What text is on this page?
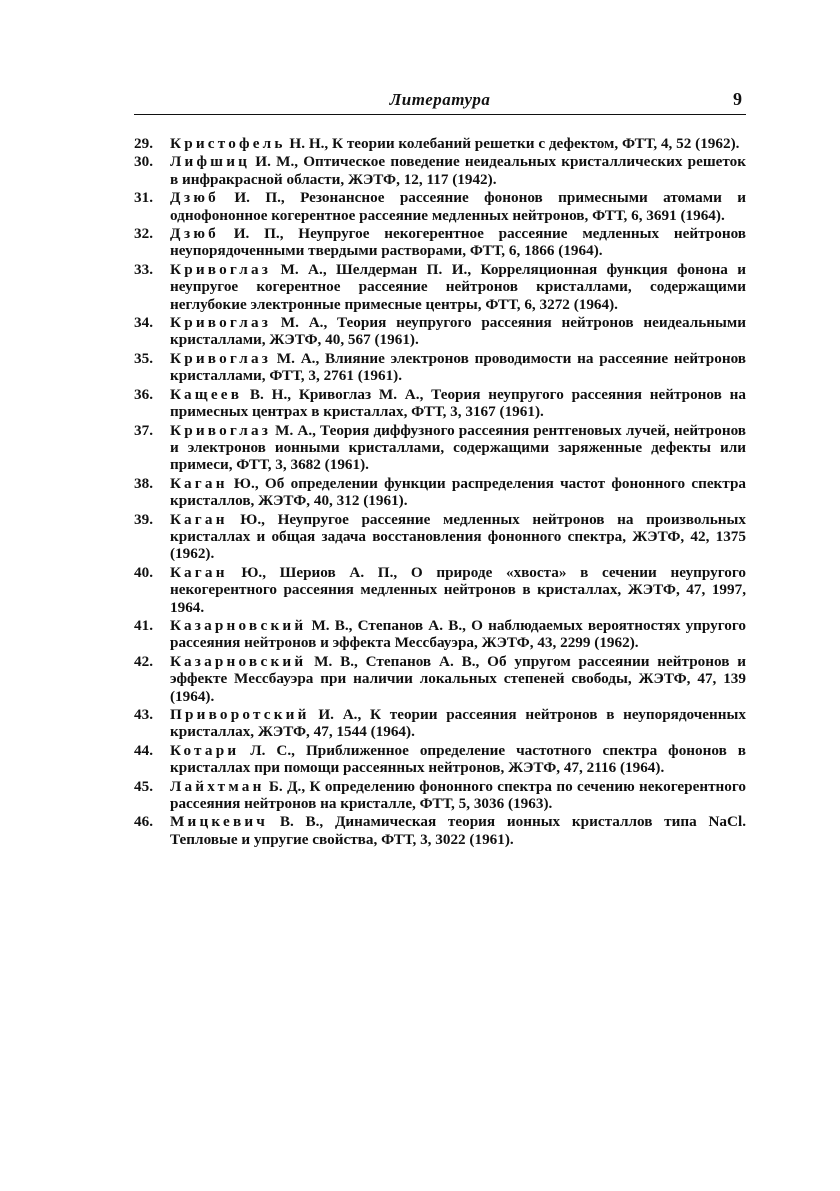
Литература	9
29.	Кристофель Н. Н., К теории колебаний решетки с дефектом, ФТТ, 4, 52 (1962).
30.	Лифшиц И. М., Оптическое поведение неидеальных кристаллических решеток в инфракрасной области, ЖЭТФ, 12, 117 (1942).
31.	Дзюб И. П., Резонансное рассеяние фононов примесными атомами и однофононное когерентное рассеяние медленных нейтронов, ФТТ, 6, 3691 (1964).
32.	Дзюб И. П., Неупругое некогерентное рассеяние медленных нейтронов неупорядоченными твердыми растворами, ФТТ, 6, 1866 (1964).
33.	Кривоглаз М. А., Шелдерман П. И., Корреляционная функция фонона и неупругое когерентное рассеяние нейтронов кристаллами, содержащими неглубокие электронные примесные центры, ФТТ, 6, 3272 (1964).
34.	Кривоглаз М. А., Теория неупругого рассеяния нейтронов неидеальными кристаллами, ЖЭТФ, 40, 567 (1961).
35.	Кривоглаз М. А., Влияние электронов проводимости на рассеяние нейтронов кристаллами, ФТТ, 3, 2761 (1961).
36.	Кащеев В. Н., Кривоглаз М. А., Теория неупругого рассеяния нейтронов на примесных центрах в кристаллах, ФТТ, 3, 3167 (1961).
37.	Кривоглаз М. А., Теория диффузного рассеяния рентгеновых лучей, нейтронов и электронов ионными кристаллами, содержащими заряженные дефекты или примеси, ФТТ, 3, 3682 (1961).
38.	Каган Ю., Об определении функции распределения частот фононного спектра кристаллов, ЖЭТФ, 40, 312 (1961).
39.	Каган Ю., Неупругое рассеяние медленных нейтронов на произвольных кристаллах и общая задача восстановления фононного спектра, ЖЭТФ, 42, 1375 (1962).
40.	Каган Ю., Шериов А. П., О природе «хвоста» в сечении неупругого некогерентного рассеяния медленных нейтронов в кристаллах, ЖЭТФ, 47, 1997, 1964.
41.	Казарновский М. В., Степанов А. В., О наблюдаемых вероятностях упругого рассеяния нейтронов и эффекта Мессбауэра, ЖЭТФ, 43, 2299 (1962).
42.	Казарновский М. В., Степанов А. В., Об упругом рассеянии нейтронов и эффекте Мессбауэра при наличии локальных степеней свободы, ЖЭТФ, 47, 139 (1964).
43.	Приворотский И. А., К теории рассеяния нейтронов в неупорядоченных кристаллах, ЖЭТФ, 47, 1544 (1964).
44.	Котари Л. С., Приближенное определение частотного спектра фононов в кристаллах при помощи рассеянных нейтронов, ЖЭТФ, 47, 2116 (1964).
45.	Лайхтман Б. Д., К определению фононного спектра по сечению некогерентного рассеяния нейтронов на кристалле, ФТТ, 5, 3036 (1963).
46.	Мицкевич В. В., Динамическая теория ионных кристаллов типа NaCl. Тепловые и упругие свойства, ФТТ, 3, 3022 (1961).
